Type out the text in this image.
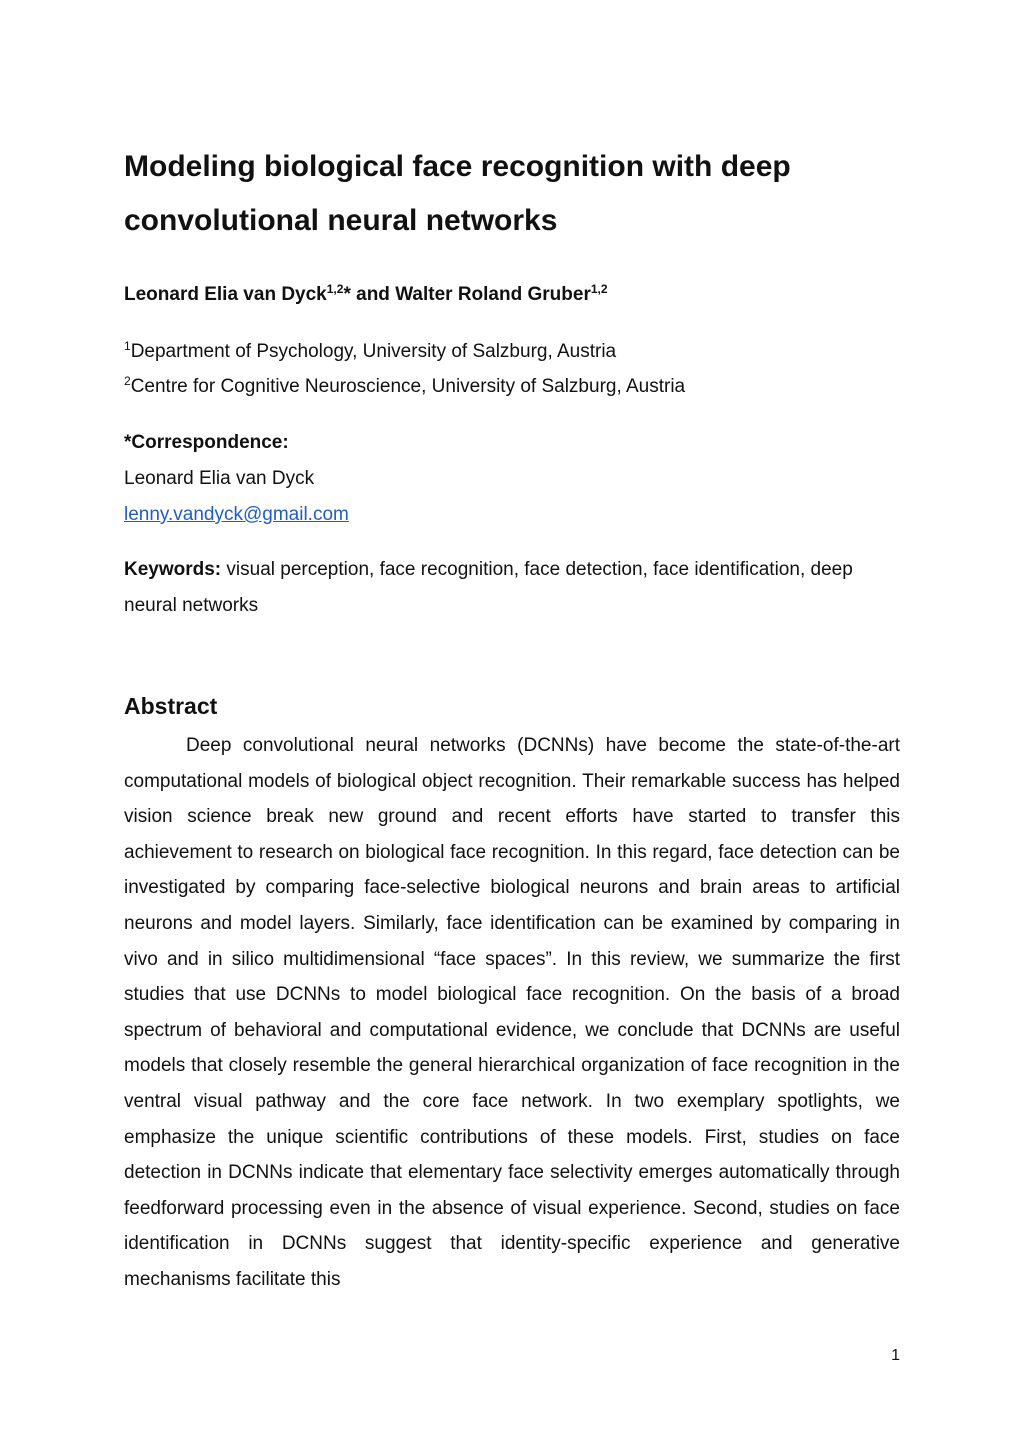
Modeling biological face recognition with deep convolutional neural networks
Leonard Elia van Dyck$^{1,2}$* and Walter Roland Gruber$^{1,2}$
$^1$Department of Psychology, University of Salzburg, Austria
$^2$Centre for Cognitive Neuroscience, University of Salzburg, Austria
*Correspondence:
Leonard Elia van Dyck
lenny.vandyck@gmail.com
Keywords: visual perception, face recognition, face detection, face identification, deep neural networks
Abstract

Deep convolutional neural networks (DCNNs) have become the state-of-the-art computational models of biological object recognition. Their remarkable success has helped vision science break new ground and recent efforts have started to transfer this achievement to research on biological face recognition. In this regard, face detection can be investigated by comparing face-selective biological neurons and brain areas to artificial neurons and model layers. Similarly, face identification can be examined by comparing in vivo and in silico multidimensional “face spaces”. In this review, we summarize the first studies that use DCNNs to model biological face recognition. On the basis of a broad spectrum of behavioral and computational evidence, we conclude that DCNNs are useful models that closely resemble the general hierarchical organization of face recognition in the ventral visual pathway and the core face network. In two exemplary spotlights, we emphasize the unique scientific contributions of these models. First, studies on face detection in DCNNs indicate that elementary face selectivity emerges automatically through feedforward processing even in the absence of visual experience. Second, studies on face identification in DCNNs suggest that identity-specific experience and generative mechanisms facilitate this

1
